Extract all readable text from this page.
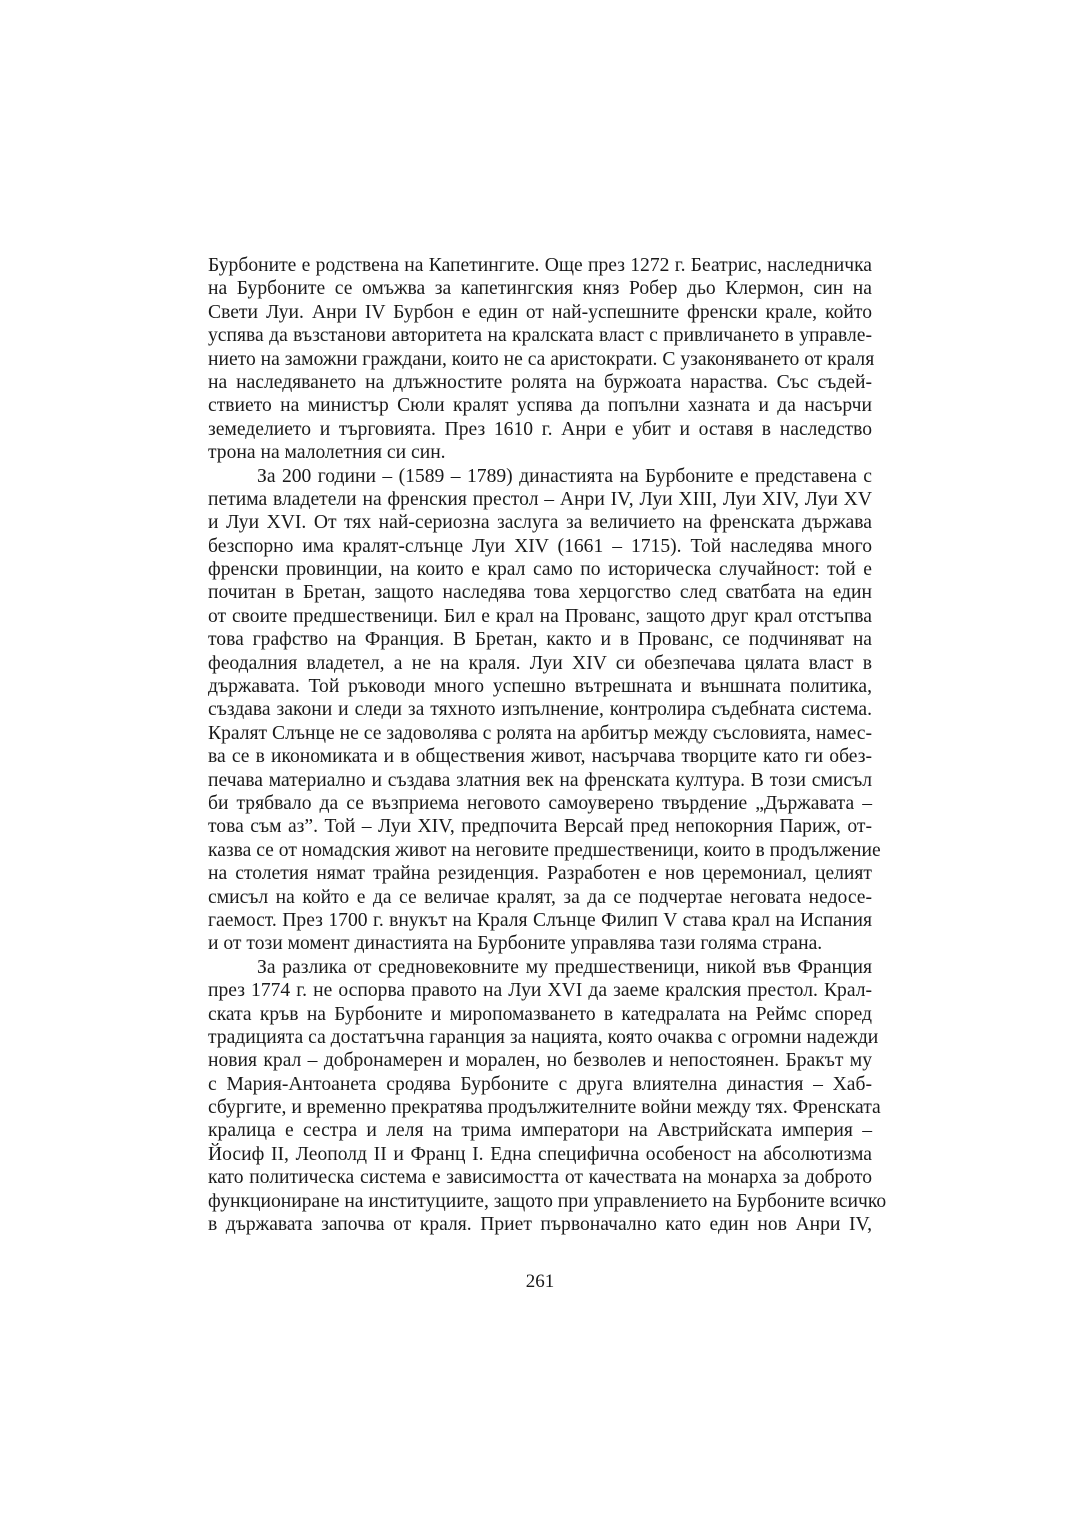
Бурбоните е родствена на Капетингите. Още през 1272 г. Беатрис, наследничка
на Бурбоните се омъжва за капетингския княз Робер дьо Клермон, син на
Свети Луи. Анри IV Бурбон е един от най-успешните френски крале, който
успява да възстанови авторитета на кралската власт с привличането в управле-
нието на заможни граждани, които не са аристократи. С узаконяването от краля
на наследяването на длъжностите ролята на буржоата нараства. Със съдей-
ствието на министър Сюли кралят успява да попълни хазната и да насърчи
земеделието и търговията. През 1610 г. Анри е убит и оставя в наследство
трона на малолетния си син.
За 200 години – (1589 – 1789) династията на Бурбоните е представена с
петима владетели на френския престол – Анри IV, Луи XIII, Луи XIV, Луи XV
и Луи XVI. От тях най-сериозна заслуга за величието на френската държава
безспорно има кралят-слънце Луи XIV (1661 – 1715). Той наследява много
френски провинции, на които е крал само по историческа случайност: той е
почитан в Бретан, защото наследява това херцогство след сватбата на един
от своите предшественици. Бил е крал на Прованс, защото друг крал отстъпва
това графство на Франция. В Бретан, както и в Прованс, се подчиняват на
феодалния владетел, а не на краля. Луи XIV си обезпечава цялата власт в
държавата. Той ръководи много успешно вътрешната и външната политика,
създава закони и следи за тяхното изпълнение, контролира съдебната система.
Кралят Слънце не се задоволява с ролята на арбитър между съсловията, намес-
ва се в икономиката и в обществения живот, насърчава творците като ги обез-
печава материално и създава златния век на френската култура. В този смисъл
би трябвало да се възприема неговото самоуверено твърдение „Държавата –
това съм аз”. Той – Луи XIV, предпочита Версай пред непокорния Париж, от-
казва се от номадския живот на неговите предшественици, които в продължение
на столетия нямат трайна резиденция. Разработен е нов церемониал, целият
смисъл на който е да се величае кралят, за да се подчертае неговата недосе-
гаемост. През 1700 г. внукът на Краля Слънце Филип V става крал на Испания
и от този момент династията на Бурбоните управлява тази голяма страна.
За разлика от средновековните му предшественици, никой във Франция
през 1774 г. не оспорва правото на Луи XVI да заеме кралския престол. Крал-
ската кръв на Бурбоните и миропомазването в катедралата на Реймс според
традицията са достатъчна гаранция за нацията, която очаква с огромни надежди
новия крал – добронамерен и морален, но безволев и непостоянен. Бракът му
с Мария-Антоанета сродява Бурбоните с друга влиятелна династия – Хаб-
сбургите, и временно прекратява продължителните войни между тях. Френската
кралица е сестра и леля на трима императори на Австрийската империя –
Йосиф II, Леополд II и Франц I. Една специфична особеност на абсолютизма
като политическа система е зависимостта от качествата на монарха за доброто
функциониране на институциите, защото при управлението на Бурбоните всичко
в държавата започва от краля. Приет първоначално като един нов Анри IV,
261
